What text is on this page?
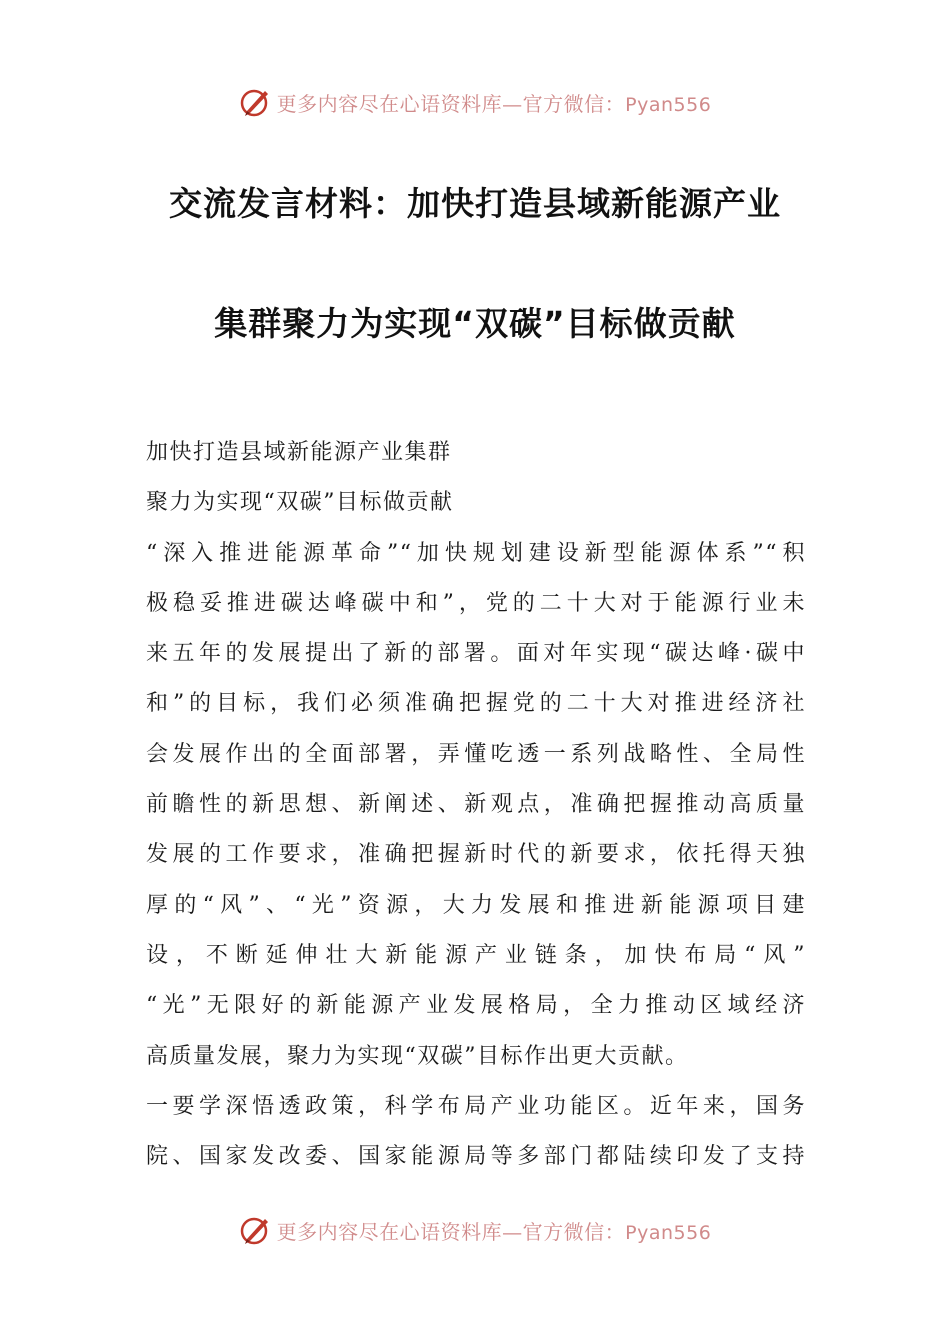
更多内容尽在心语资料库—官方微信：Pyan556
交流发言材料：加快打造县域新能源产业
集群聚力为实现“双碳”目标做贡献
加快打造县域新能源产业集群
聚力为实现“双碳”目标做贡献
“深入推进能源革命”“加快规划建设新型能源体系”“积
极稳妥推进碳达峰碳中和”，党的二十大对于能源行业未
来五年的发展提出了新的部署。面对年实现“碳达峰·碳中
和”的目标，我们必须准确把握党的二十大对推进经济社
会发展作出的全面部署，弄懂吃透一系列战略性、全局性
前瞻性的新思想、新阐述、新观点，准确把握推动高质量
发展的工作要求，准确把握新时代的新要求，依托得天独
厚的“风”、“光”资源，大力发展和推进新能源项目建
设，不断延伸壮大新能源产业链条，加快布局“风”
“光”无限好的新能源产业发展格局，全力推动区域经济
高质量发展，聚力为实现“双碳”目标作出更大贡献。
一要学深悟透政策，科学布局产业功能区。近年来，国务
院、国家发改委、国家能源局等多部门都陆续印发了支持
更多内容尽在心语资料库—官方微信：Pyan556
